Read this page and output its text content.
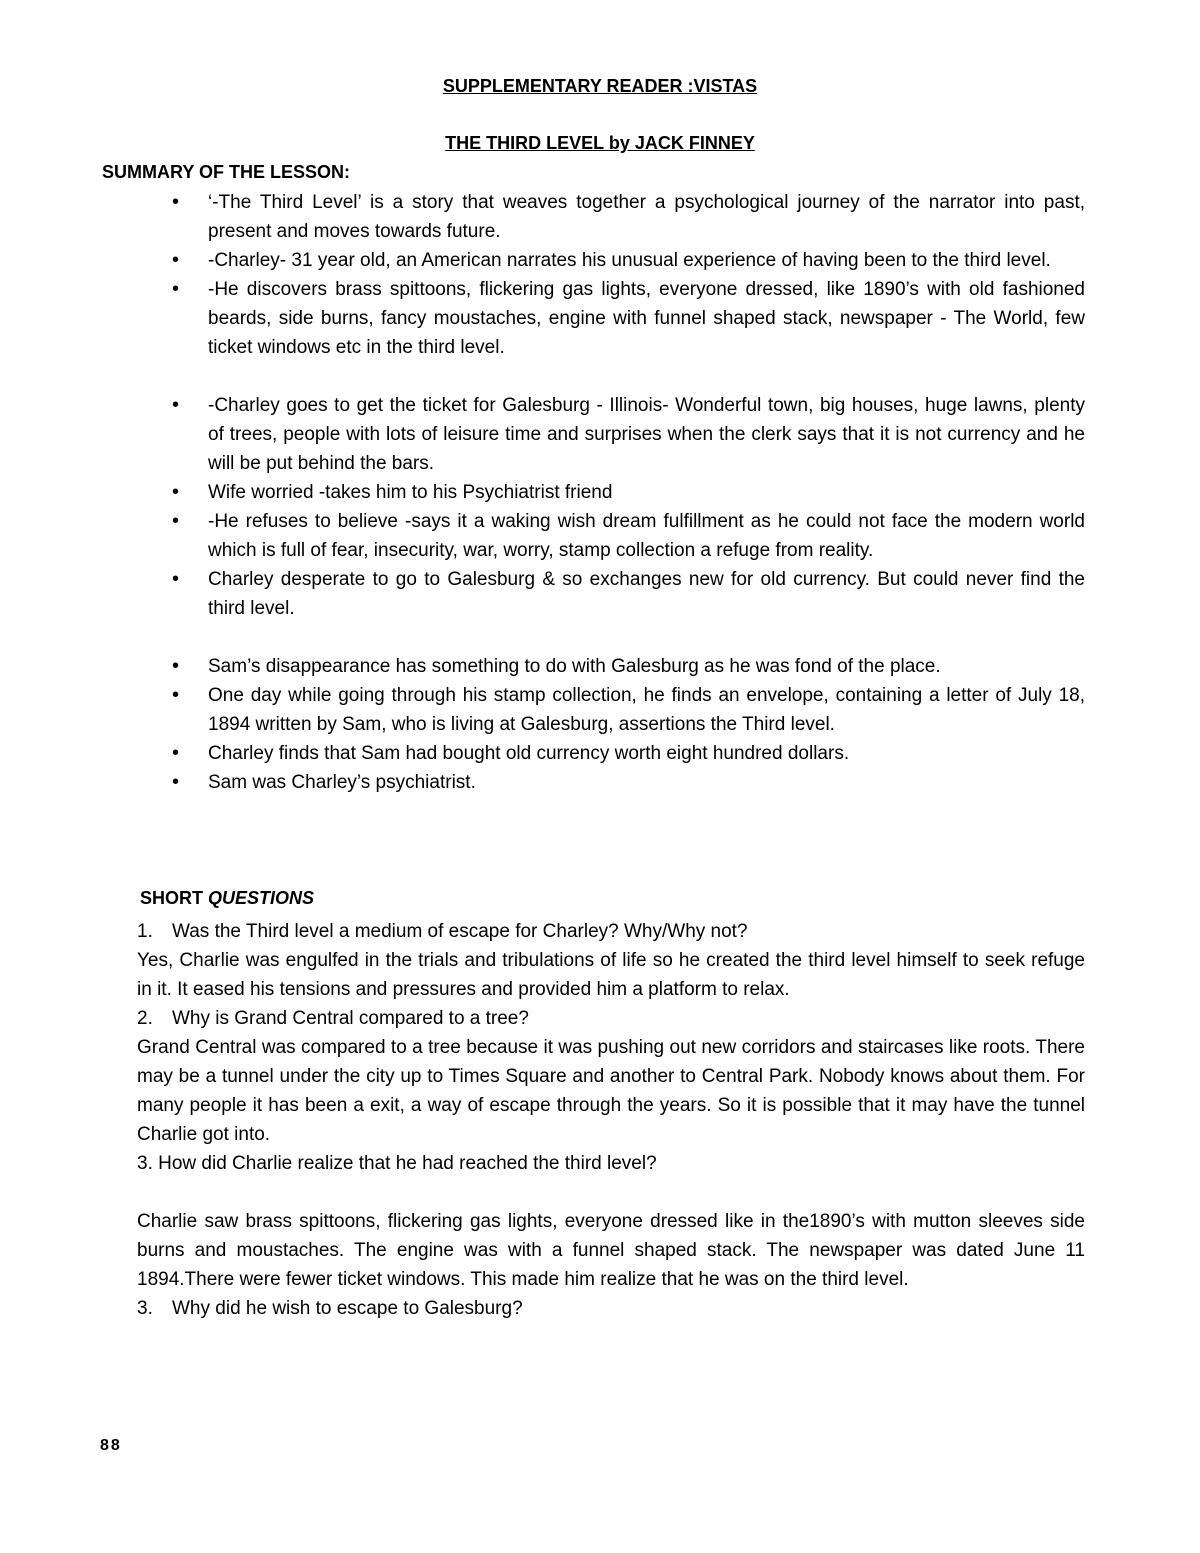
SUPPLEMENTARY READER :VISTAS
THE THIRD LEVEL by JACK FINNEY
SUMMARY OF THE LESSON:
• ‘-The Third Level’ is a story that weaves together a psychological journey of the narrator into past, present and moves towards future.
• -Charley- 31 year old, an American narrates his unusual experience of having been to the third level.
• -He discovers brass spittoons, flickering gas lights, everyone dressed, like 1890’s with old fashioned beards, side burns, fancy moustaches, engine with funnel shaped stack, newspaper - The World, few ticket windows etc in the third level.
• -Charley goes to get the ticket for Galesburg - Illinois- Wonderful town, big houses, huge lawns, plenty of trees, people with lots of leisure time and surprises when the clerk says that it is not currency and he will be put behind the bars.
• Wife worried -takes him to his Psychiatrist friend
• -He refuses to believe -says it a waking wish dream fulfillment as he could not face the modern world which is full of fear, insecurity, war, worry, stamp collection a refuge from reality.
• Charley desperate to go to Galesburg & so exchanges new for old currency. But could never find the third level.
• Sam’s disappearance has something to do with Galesburg as he was fond of the place.
• One day while going through his stamp collection, he finds an envelope, containing a letter of July 18, 1894 written by Sam, who is living at Galesburg, assertions the Third level.
• Charley finds that Sam had bought old currency worth eight hundred dollars.
• Sam was Charley’s psychiatrist.
SHORT QUESTIONS

1. Was the Third level a medium of escape for Charley? Why/Why not?

Yes, Charlie was engulfed in the trials and tribulations of life so he created the third level himself to seek refuge in it. It eased his tensions and pressures and provided him a platform to relax.

2. Why is Grand Central compared to a tree?

Grand Central was compared to a tree because it was pushing out new corridors and staircases like roots. There may be a tunnel under the city up to Times Square and another to Central Park. Nobody knows about them. For many people it has been a exit, a way of escape through the years. So it is possible that it may have the tunnel Charlie got into.

3. How did Charlie realize that he had reached the third level?

Charlie saw brass spittoons, flickering gas lights, everyone dressed like in the1890’s with mutton sleeves side burns and moustaches. The engine was with a funnel shaped stack. The newspaper was dated June 11 1894.There were fewer ticket windows. This made him realize that he was on the third level.

3. Why did he wish to escape to Galesburg?

88
